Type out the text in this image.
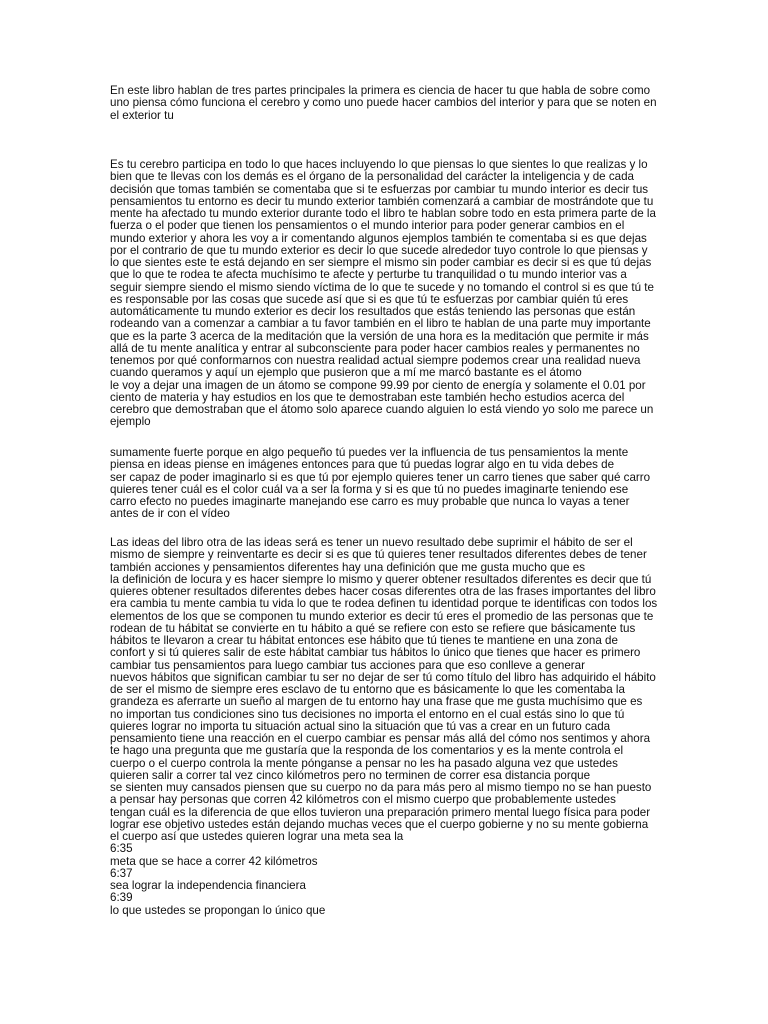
En este libro hablan de tres partes principales la primera es ciencia de hacer tu que habla de sobre como
uno piensa cómo funciona el cerebro y como uno puede hacer cambios del interior y para que se noten en
el exterior tu

Es tu cerebro participa en todo lo que haces incluyendo lo que piensas lo que sientes lo que realizas y lo
bien que te llevas con los demás es el órgano de la personalidad del carácter la inteligencia y de cada
decisión que tomas también se comentaba que si te esfuerzas por cambiar tu mundo interior es decir tus
pensamientos tu entorno es decir tu mundo exterior también comenzará a cambiar de mostrándote que tu
mente ha afectado tu mundo exterior durante todo el libro te hablan sobre todo en esta primera parte de la
fuerza o el poder que tienen los pensamientos o el mundo interior para poder generar cambios en el
mundo exterior y ahora les voy a ir comentando algunos ejemplos también te comentaba si es que dejas
por el contrario de que tu mundo exterior es decir lo que sucede alrededor tuyo controle lo que piensas y
lo que sientes este te está dejando en ser siempre el mismo sin poder cambiar es decir si es que tú dejas
que lo que te rodea te afecta muchísimo te afecte y perturbe tu tranquilidad o tu mundo interior vas a
seguir siempre siendo el mismo siendo víctima de lo que te sucede y no tomando el control si es que tú te
es responsable por las cosas que sucede así que si es que tú te esfuerzas por cambiar quién tú eres
automáticamente tu mundo exterior es decir los resultados que estás teniendo las personas que están
rodeando van a comenzar a cambiar a tu favor también en el libro te hablan de una parte muy importante
que es la parte 3 acerca de la meditación que la versión de una hora es la meditación que permite ir más
allá de tu mente analítica y entrar al subconsciente para poder hacer cambios reales y permanentes no
tenemos por qué conformarnos con nuestra realidad actual siempre podemos crear una realidad nueva
cuando queramos y aquí un ejemplo que pusieron que a mí me marcó bastante es el átomo
le voy a dejar una imagen de un átomo se compone 99.99 por ciento de energía y solamente el 0.01 por
ciento de materia y hay estudios en los que te demostraban este también hecho estudios acerca del
cerebro que demostraban que el átomo solo aparece cuando alguien lo está viendo yo solo me parece un
ejemplo

sumamente fuerte porque en algo pequeño tú puedes ver la influencia de tus pensamientos la mente
piensa en ideas piense en imágenes entonces para que tú puedas lograr algo en tu vida debes de
ser capaz de poder imaginarlo si es que tú por ejemplo quieres tener un carro tienes que saber qué carro
quieres tener cuál es el color cuál va a ser la forma y si es que tú no puedes imaginarte teniendo ese
carro efecto no puedes imaginarte manejando ese carro es muy probable que nunca lo vayas a tener
antes de ir con el vídeo

Las ideas del libro otra de las ideas será es tener un nuevo resultado debe suprimir el hábito de ser el
mismo de siempre y reinventarte es decir si es que tú quieres tener resultados diferentes debes de tener
también acciones y pensamientos diferentes hay una definición que me gusta mucho que es
la definición de locura y es hacer siempre lo mismo y querer obtener resultados diferentes es decir que tú
quieres obtener resultados diferentes debes hacer cosas diferentes otra de las frases importantes del libro
era cambia tu mente cambia tu vida lo que te rodea definen tu identidad porque te identificas con todos los
elementos de los que se componen tu mundo exterior es decir tú eres el promedio de las personas que te
rodean de tu hábitat se convierte en tu hábito a qué se refiere con esto se refiere que básicamente tus
hábitos te llevaron a crear tu hábitat entonces ese hábito que tú tienes te mantiene en una zona de
confort y si tú quieres salir de este hábitat cambiar tus hábitos lo único que tienes que hacer es primero
cambiar tus pensamientos para luego cambiar tus acciones para que eso conlleve a generar
nuevos hábitos que significan cambiar tu ser no dejar de ser tú como título del libro has adquirido el hábito
de ser el mismo de siempre eres esclavo de tu entorno que es básicamente lo que les comentaba la
grandeza es aferrarte un sueño al margen de tu entorno hay una frase que me gusta muchísimo que es
no importan tus condiciones sino tus decisiones no importa el entorno en el cual estás sino lo que tú
quieres lograr no importa tu situación actual sino la situación que tú vas a crear en un futuro cada
pensamiento tiene una reacción en el cuerpo cambiar es pensar más allá del cómo nos sentimos y ahora
te hago una pregunta que me gustaría que la responda de los comentarios y es la mente controla el
cuerpo o el cuerpo controla la mente pónganse a pensar no les ha pasado alguna vez que ustedes
quieren salir a correr tal vez cinco kilómetros pero no terminen de correr esa distancia porque
se sienten muy cansados piensen que su cuerpo no da para más pero al mismo tiempo no se han puesto
a pensar hay personas que corren 42 kilómetros con el mismo cuerpo que probablemente ustedes
tengan cuál es la diferencia de que ellos tuvieron una preparación primero mental luego física para poder
lograr ese objetivo ustedes están dejando muchas veces que el cuerpo gobierne y no su mente gobierna
el cuerpo así que ustedes quieren lograr una meta sea la
6:35
meta que se hace a correr 42 kilómetros
6:37
sea lograr la independencia financiera
6:39
lo que ustedes se propongan lo único que
